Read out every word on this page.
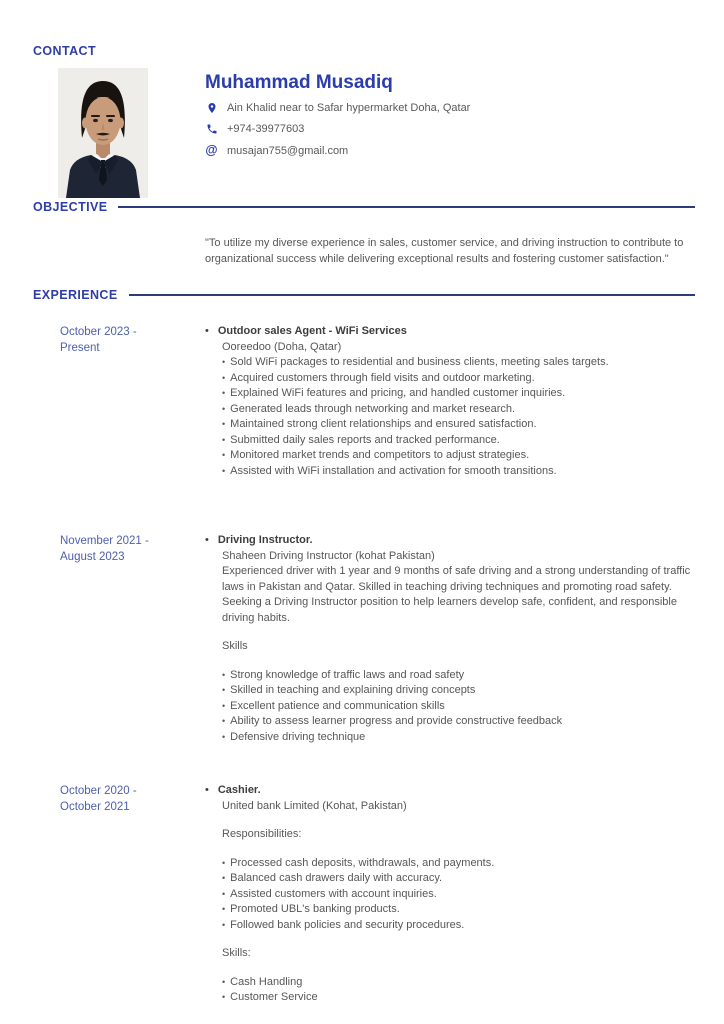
CONTACT
Muhammad Musadiq
Ain Khalid near to Safar hypermarket Doha, Qatar
+974-39977603
@ musajan755@gmail.com
OBJECTIVE

"To utilize my diverse experience in sales, customer service, and driving instruction to contribute to organizational success while delivering exceptional results and fostering customer satisfaction."

EXPERIENCE
October 2023 -
Present
• Outdoor sales Agent - WiFi Services
Ooreedoo (Doha, Qatar)
• Sold WiFi packages to residential and business clients, meeting sales targets.
• Acquired customers through field visits and outdoor marketing.
• Explained WiFi features and pricing, and handled customer inquiries.
• Generated leads through networking and market research.
• Maintained strong client relationships and ensured satisfaction.
• Submitted daily sales reports and tracked performance.
• Monitored market trends and competitors to adjust strategies.
• Assisted with WiFi installation and activation for smooth transitions.
November 2021 -
August 2023
• Driving Instructor.
Shaheen Driving Instructor (kohat Pakistan)
Experienced driver with 1 year and 9 months of safe driving and a strong understanding of traffic laws in Pakistan and Qatar. Skilled in teaching driving techniques and promoting road safety. Seeking a Driving Instructor position to help learners develop safe, confident, and responsible driving habits.
Skills
• Strong knowledge of traffic laws and road safety
• Skilled in teaching and explaining driving concepts
• Excellent patience and communication skills
• Ability to assess learner progress and provide constructive feedback
• Defensive driving technique
October 2020 -
October 2021
• Cashier.
United bank Limited (Kohat, Pakistan)
Responsibilities:
• Processed cash deposits, withdrawals, and payments.
• Balanced cash drawers daily with accuracy.
• Assisted customers with account inquiries.
• Promoted UBL's banking products.
• Followed bank policies and security procedures.
Skills:
• Cash Handling
• Customer Service
